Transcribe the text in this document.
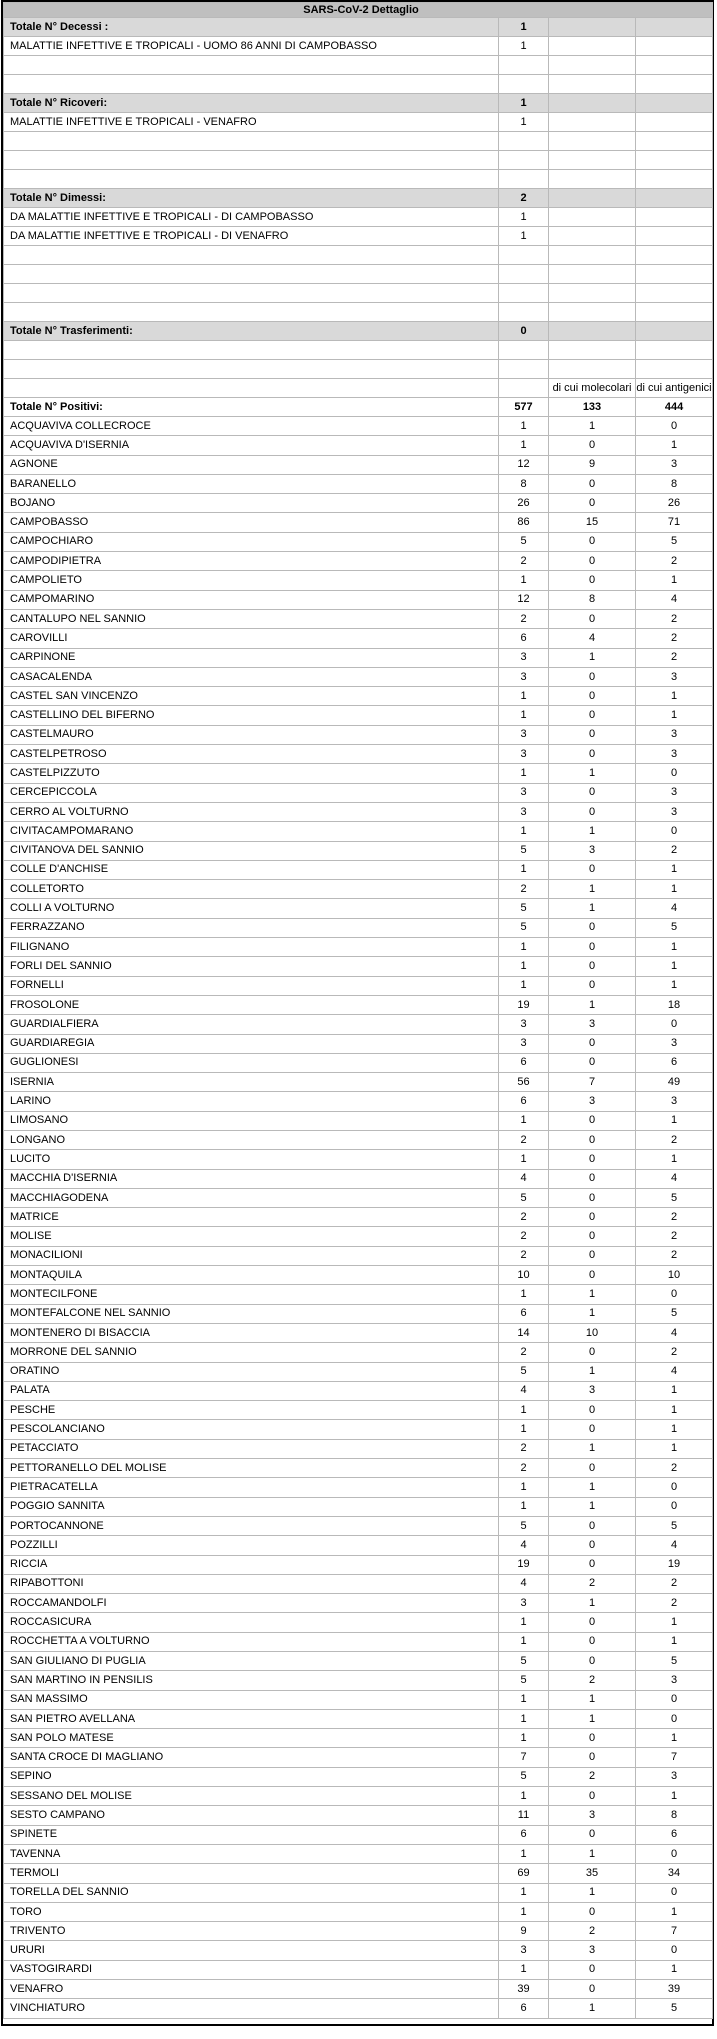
SARS-CoV-2 Dettaglio			
Totale N° Decessi :	1		
MALATTIE INFETTIVE E TROPICALI - UOMO 86 ANNI DI CAMPOBASSO	1		

Totale N° Ricoveri:	1		
MALATTIE INFETTIVE E TROPICALI - VENAFRO	1		

Totale N° Dimessi:	2		
DA MALATTIE INFETTIVE E TROPICALI - DI CAMPOBASSO	1		
DA MALATTIE INFETTIVE E TROPICALI - DI VENAFRO	1		

Totale N° Trasferimenti:	0		

		di cui molecolari	di cui antigenici
Totale N° Positivi:	577	133	444
ACQUAVIVA COLLECROCE	1	1	0
ACQUAVIVA D'ISERNIA	1	0	1
AGNONE	12	9	3
BARANELLO	8	0	8
BOJANO	26	0	26
CAMPOBASSO	86	15	71
CAMPOCHIARO	5	0	5
CAMPODIPIETRA	2	0	2
CAMPOLIETO	1	0	1
CAMPOMARINO	12	8	4
CANTALUPO NEL SANNIO	2	0	2
CAROVILLI	6	4	2
CARPINONE	3	1	2
CASACALENDA	3	0	3
CASTEL SAN VINCENZO	1	0	1
CASTELLINO DEL BIFERNO	1	0	1
CASTELMAURO	3	0	3
CASTELPETROSO	3	0	3
CASTELPIZZUTO	1	1	0
CERCEPICCOLA	3	0	3
CERRO AL VOLTURNO	3	0	3
CIVITACAMPOMARANO	1	1	0
CIVITANOVA DEL SANNIO	5	3	2
COLLE D'ANCHISE	1	0	1
COLLETORTO	2	1	1
COLLI A VOLTURNO	5	1	4
FERRAZZANO	5	0	5
FILIGNANO	1	0	1
FORLI DEL SANNIO	1	0	1
FORNELLI	1	0	1
FROSOLONE	19	1	18
GUARDIALFIERA	3	3	0
GUARDIAREGIA	3	0	3
GUGLIONESI	6	0	6
ISERNIA	56	7	49
LARINO	6	3	3
LIMOSANO	1	0	1
LONGANO	2	0	2
LUCITO	1	0	1
MACCHIA D'ISERNIA	4	0	4
MACCHIAGODENA	5	0	5
MATRICE	2	0	2
MOLISE	2	0	2
MONACILIONI	2	0	2
MONTAQUILA	10	0	10
MONTECILFONE	1	1	0
MONTEFALCONE NEL SANNIO	6	1	5
MONTENERO DI BISACCIA	14	10	4
MORRONE DEL SANNIO	2	0	2
ORATINO	5	1	4
PALATA	4	3	1
PESCHE	1	0	1
PESCOLANCIANO	1	0	1
PETACCIATO	2	1	1
PETTORANELLO DEL MOLISE	2	0	2
PIETRACATELLA	1	1	0
POGGIO SANNITA	1	1	0
PORTOCANNONE	5	0	5
POZZILLI	4	0	4
RICCIA	19	0	19
RIPABOTTONI	4	2	2
ROCCAMANDOLFI	3	1	2
ROCCASICURA	1	0	1
ROCCHETTA A VOLTURNO	1	0	1
SAN GIULIANO DI PUGLIA	5	0	5
SAN MARTINO IN PENSILIS	5	2	3
SAN MASSIMO	1	1	0
SAN PIETRO AVELLANA	1	1	0
SAN POLO MATESE	1	0	1
SANTA CROCE DI MAGLIANO	7	0	7
SEPINO	5	2	3
SESSANO DEL MOLISE	1	0	1
SESTO CAMPANO	11	3	8
SPINETE	6	0	6
TAVENNA	1	1	0
TERMOLI	69	35	34
TORELLA DEL SANNIO	1	1	0
TORO	1	0	1
TRIVENTO	9	2	7
URURI	3	3	0
VASTOGIRARDI	1	0	1
VENAFRO	39	0	39
VINCHIATURO	6	1	5
